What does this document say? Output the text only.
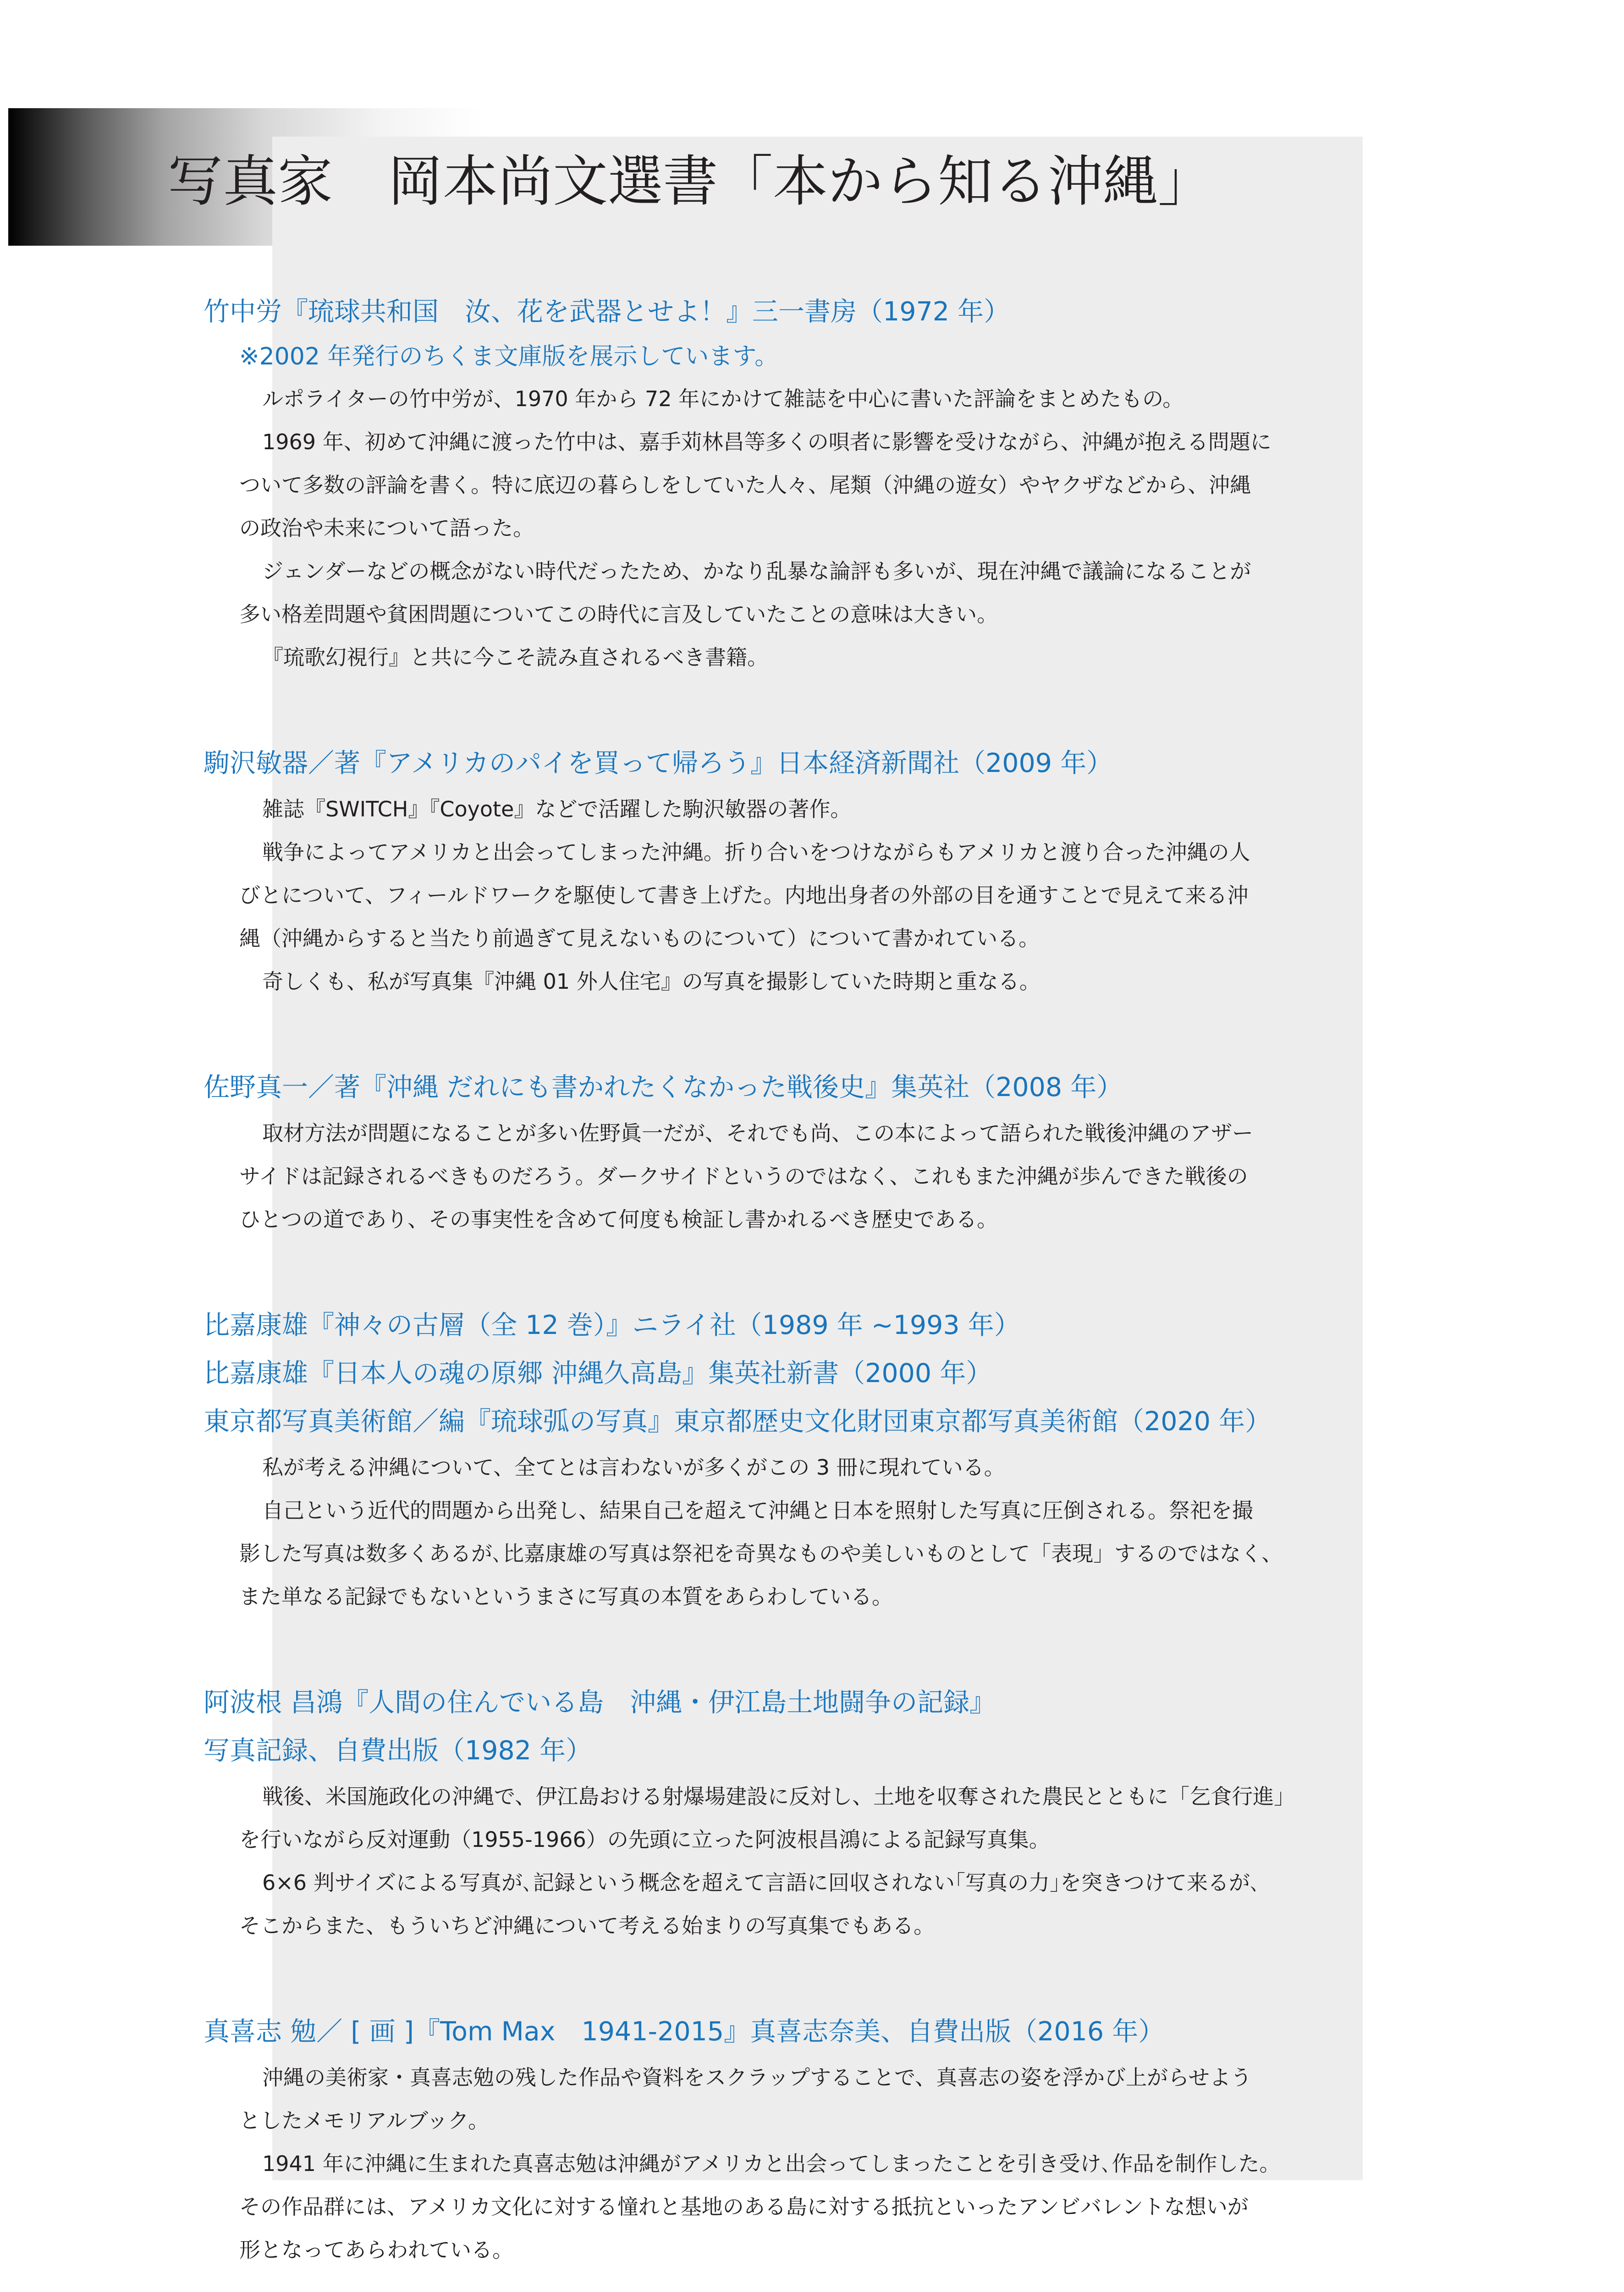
写真家　岡本尚文選書「本から知る沖縄」
竹中労『琉球共和国　汝、花を武器とせよ！』三一書房（1972 年）

※2002 年発行のちくま文庫版を展示しています。

ルポライターの竹中労が、1970 年から 72 年にかけて雑誌を中心に書いた評論をまとめたもの。

1969 年、初めて沖縄に渡った竹中は、嘉手苅林昌等多くの唄者に影響を受けながら、沖縄が抱える問題に
ついて多数の評論を書く。特に底辺の暮らしをしていた人々、尾類（沖縄の遊女）やヤクザなどから、沖縄
の政治や未来について語った。

ジェンダーなどの概念がない時代だったため、かなり乱暴な論評も多いが、現在沖縄で議論になることが
多い格差問題や貧困問題についてこの時代に言及していたことの意味は大きい。

『琉歌幻視行』と共に今こそ読み直されるべき書籍。

駒沢敏器／著『アメリカのパイを買って帰ろう』日本経済新聞社（2009 年）

雑誌『SWITCH』『Coyote』などで活躍した駒沢敏器の著作。

戦争によってアメリカと出会ってしまった沖縄。折り合いをつけながらもアメリカと渡り合った沖縄の人
びとについて、フィールドワークを駆使して書き上げた。内地出身者の外部の目を通すことで見えて来る沖
縄（沖縄からすると当たり前過ぎて見えないものについて）について書かれている。

奇しくも、私が写真集『沖縄 01 外人住宅』の写真を撮影していた時期と重なる。

佐野真一／著『沖縄 だれにも書かれたくなかった戦後史』集英社（2008 年）

取材方法が問題になることが多い佐野眞一だが、それでも尚、この本によって語られた戦後沖縄のアザー
サイドは記録されるべきものだろう。ダークサイドというのではなく、これもまた沖縄が歩んできた戦後の
ひとつの道であり、その事実性を含めて何度も検証し書かれるべき歴史である。

比嘉康雄『神々の古層（全 12 巻）』ニライ社（1989 年 ~1993 年）
比嘉康雄『日本人の魂の原郷 沖縄久高島』集英社新書（2000 年）
東京都写真美術館／編『琉球弧の写真』東京都歴史文化財団東京都写真美術館（2020 年）

私が考える沖縄について、全てとは言わないが多くがこの 3 冊に現れている。

自己という近代的問題から出発し、結果自己を超えて沖縄と日本を照射した写真に圧倒される。祭祀を撮
影した写真は数多くあるが､比嘉康雄の写真は祭祀を奇異なものや美しいものとして「表現」するのではなく、
また単なる記録でもないというまさに写真の本質をあらわしている。

阿波根 昌鴻『人間の住んでいる島　沖縄・伊江島土地闘争の記録』
写真記録、自費出版（1982 年）

戦後、米国施政化の沖縄で、伊江島おける射爆場建設に反対し、土地を収奪された農民とともに「乞食行進」
を行いながら反対運動（1955-1966）の先頭に立った阿波根昌鴻による記録写真集。

6×6 判サイズによる写真が､記録という概念を超えて言語に回収されない｢写真の力｣を突きつけて来るが､
そこからまた、もういちど沖縄について考える始まりの写真集でもある。

真喜志 勉／ [ 画 ]『Tom Max　1941-2015』真喜志奈美、自費出版（2016 年）

沖縄の美術家・真喜志勉の残した作品や資料をスクラップすることで、真喜志の姿を浮かび上がらせよう
としたメモリアルブック。

1941 年に沖縄に生まれた真喜志勉は沖縄がアメリカと出会ってしまったことを引き受け､作品を制作した。
その作品群には、アメリカ文化に対する憧れと基地のある島に対する抵抗といったアンビバレントな想いが
形となってあらわれている。
